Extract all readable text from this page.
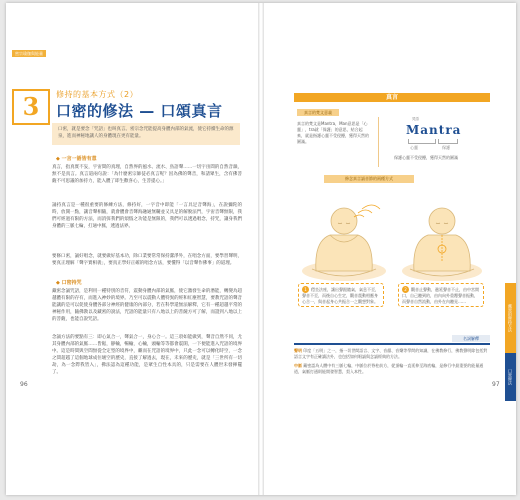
密宗瑜伽與能量
3	修持的基本方式（2）
口密的修法 — 口頌真言
口密，就是要念「咒語」也叫真言。密宗念咒能提高身體內部的氣流，使它持續生命的源泉，進而神秘地讓人的身體現在更有能量。
◆ 一言一語皆有意
真言，指真實不妄，宇宙間的真理，自然界的風水、流水、鳥語聲……一切宇宙間的自然音韻，無不是真言。真言道兩句說：「為什麼密宗師徒必真言呢？因為佛的聲音，和諸眾生，含有佛菩薩不可思議的加持力，能入體了即生歡喜心，生菩提心。」
誦持真言是一種很重要的修練方法，修持好，一字音中即能「一言具足音聲海」，在說彌陀的時，放開一點，讓音聲相隨，就會體會音聲海融通無礙並又具足的解脫法門，宇宙音聲無限，我們可經過有限的方法，而消弭我們的煩惱之功能是無限的，我們可以透過唱念，持咒，讓身我們身體的三脈七輪，打通中脈，透過法界。
要修口密，誦好唱念，就要做好基本功，除口業要常常保持潔淨外，在唱念方面，要學習聲明，要真正理解「聲字實相義」，要真正學好正確的唱念方法，要懂得「以音聲作佛事」的道理。
◆ 口密持咒
藏密念誦咒語，是利用一種特別的音符，震動身體內部的氣脈，使它激發生命的潛能，轉變為超越體有限的存有，而進入神妙的境界。乃至可以震動人體特異的經和紅塵智慧，要教咒語的聲音能讓的是可以促使身體各部分神經的健康的內部分，若在科學還無法解釋，它有一種超越平常的神秘作用，隨佛教以及藏密的說法，咒語的能量只有八地以上的菩薩方可了解，而證到八地以上的菩薩，也能自說咒語。
念誦方法的要點有三：即心氣合一，聲氣合一，身心合一。這三項如能做到，聲音自然不同，尤其身體內部的氣脈……皆鬆，靜輸，暢輸，心輸，頭輸等等都會震開，一下便能進入咒語的境界中。這是時間與空間無從全定型的境界中，繼而在咒語的境界中，只此一念可以轉化時空，一念之間超越了這個地球成住壞空的歷史，直接了解過去，現在，未來的歷史，就是「三世所有一切劫，為一念際我皆入」，佛法認為這種功能，是眾生自性本具的，只是需要在人體世未發揮罷了。
96
真言
真言的梵文意義
真言的梵文是Mantra，Man意思是「心靈」，tra就「保護」的意思，結合起來，就是指護心靈不受侵擾，獲得天然的圓滿。
梵語
Mantra
心靈	保護
保護心靈不受侵擾，獲得天然的圓滿
修念真言誦音節的兩種方式
1 穩坐法座，讓出聲跟隨氣，氣息不至，聲音不至，而後自心生定，觀音震動相應身心合一，與音起身心共振合一之觀想對象。
2 觀音止聲動，遞延聲音不止，由中宮開口，自己聽到的，由內向外重覆聲音振動，而聲音自然流動，由外在內聽見……
名詞解釋
聲明 印度「五明」之一，指一切世間語言、文字、音韻、音樂等學問的知識，在佛教修行，佛教聲明除包括對語言文字有正確讀法外，也包括如何唱誦與念誦經典的方法。
中脈 藏密認為人體中有三脈七輪，中脈位於脊柱前方，從頂輪一直延伸至海底輪，是修行中最重要的能量通道，氣脈打通則能開發智慧，契入本性。
藏密的修持方法
口密修法
97
